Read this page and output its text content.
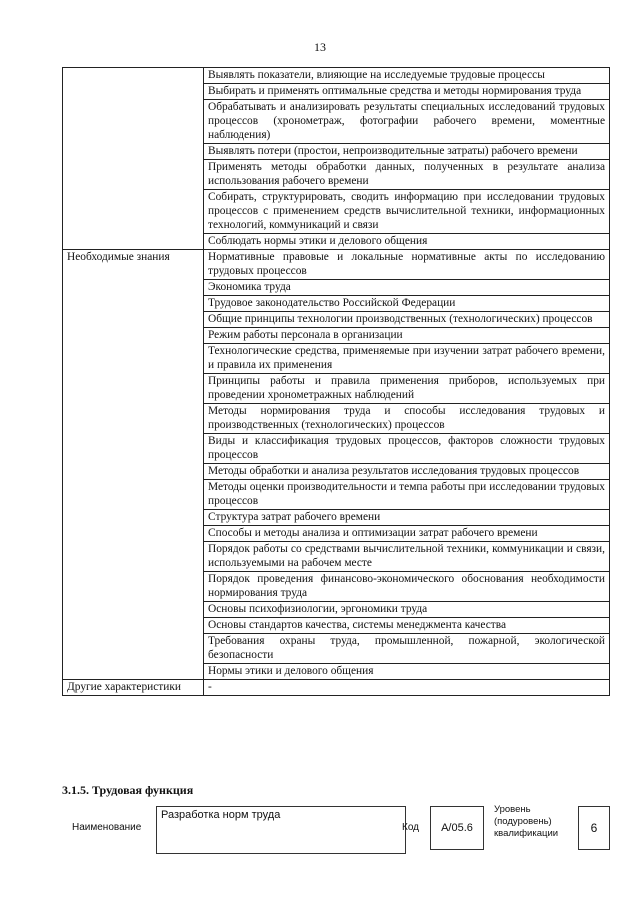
13
	Выявлять показатели, влияющие на исследуемые трудовые процессы
	Выбирать и применять оптимальные средства и методы нормирования труда
	Обрабатывать и анализировать результаты специальных исследований трудовых процессов (хронометраж, фотографии рабочего времени, моментные наблюдения)
	Выявлять потери (простои, непроизводительные затраты) рабочего времени
	Применять методы обработки данных, полученных в результате анализа использования рабочего времени
	Собирать, структурировать, сводить информацию при исследовании трудовых процессов с применением средств вычислительной техники, информационных технологий, коммуникаций и связи
	Соблюдать нормы этики и делового общения
Необходимые знания	Нормативные правовые и локальные нормативные акты по исследованию трудовых процессов
	Экономика труда
	Трудовое законодательство Российской Федерации
	Общие принципы технологии производственных (технологических) процессов
	Режим работы персонала в организации
	Технологические средства, применяемые при изучении затрат рабочего времени, и правила их применения
	Принципы работы и правила применения приборов, используемых при проведении хронометражных наблюдений
	Методы нормирования труда и способы исследования трудовых и производственных (технологических) процессов
	Виды и классификация трудовых процессов, факторов сложности трудовых процессов
	Методы обработки и анализа результатов исследования трудовых процессов
	Методы оценки производительности и темпа работы при исследовании трудовых процессов
	Структура затрат рабочего времени
	Способы и методы анализа и оптимизации затрат рабочего времени
	Порядок работы со средствами вычислительной техники, коммуникации и связи, используемыми на рабочем месте
	Порядок проведения финансово-экономического обоснования необходимости нормирования труда
	Основы психофизиологии, эргономики труда
	Основы стандартов качества, системы менеджмента качества
	Требования охраны труда, промышленной, пожарной, экологической безопасности
	Нормы этики и делового общения
Другие характеристики	-
3.1.5. Трудовая функция
Наименование
Разработка норм труда
Код	A/05.6
Уровень (подуровень) квалификации	6
